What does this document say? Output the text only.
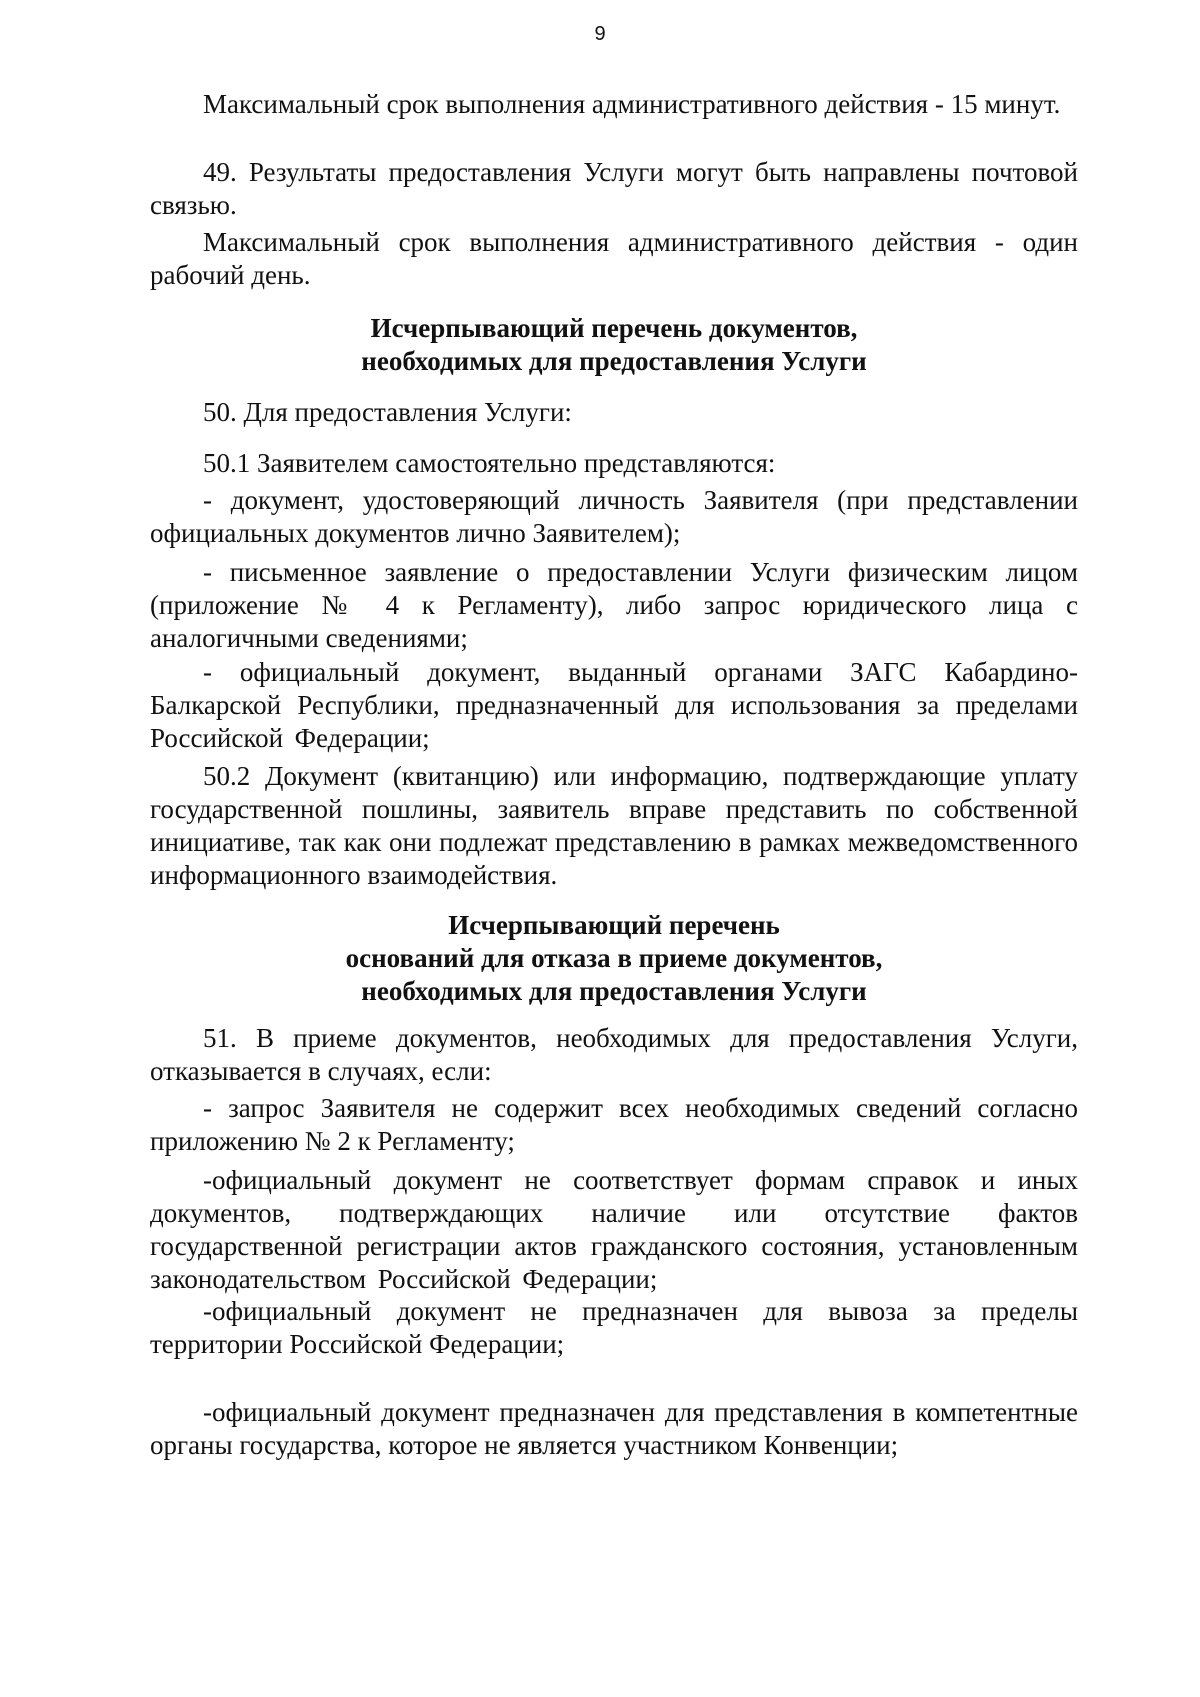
9
Максимальный срок выполнения административного действия - 15 минут.
49. Результаты предоставления Услуги могут быть направлены почтовой связью.
Максимальный срок выполнения административного действия - один рабочий день.
Исчерпывающий перечень документов,
необходимых для предоставления Услуги
50. Для предоставления Услуги:
50.1 Заявителем самостоятельно представляются:
- документ, удостоверяющий личность Заявителя (при представлении официальных документов лично Заявителем);
- письменное заявление о предоставлении Услуги физическим лицом (приложение № 4 к Регламенту), либо запрос юридического лица с аналогичными сведениями;
- официальный документ, выданный органами ЗАГС Кабардино-Балкарской Республики, предназначенный для использования за пределами Российской Федерации;
50.2 Документ (квитанцию) или информацию, подтверждающие уплату государственной пошлины, заявитель вправе представить по собственной инициативе, так как они подлежат представлению в рамках межведомственного информационного взаимодействия.
Исчерпывающий перечень
оснований для отказа в приеме документов,
необходимых для предоставления Услуги
51. В приеме документов, необходимых для предоставления Услуги, отказывается в случаях, если:
- запрос Заявителя не содержит всех необходимых сведений согласно приложению № 2 к Регламенту;
-официальный документ не соответствует формам справок и иных документов, подтверждающих наличие или отсутствие фактов государственной регистрации актов гражданского состояния, установленным законодательством Российской Федерации;
-официальный документ не предназначен для вывоза за пределы территории Российской Федерации;
-официальный документ предназначен для представления в компетентные органы государства, которое не является участником Конвенции;
